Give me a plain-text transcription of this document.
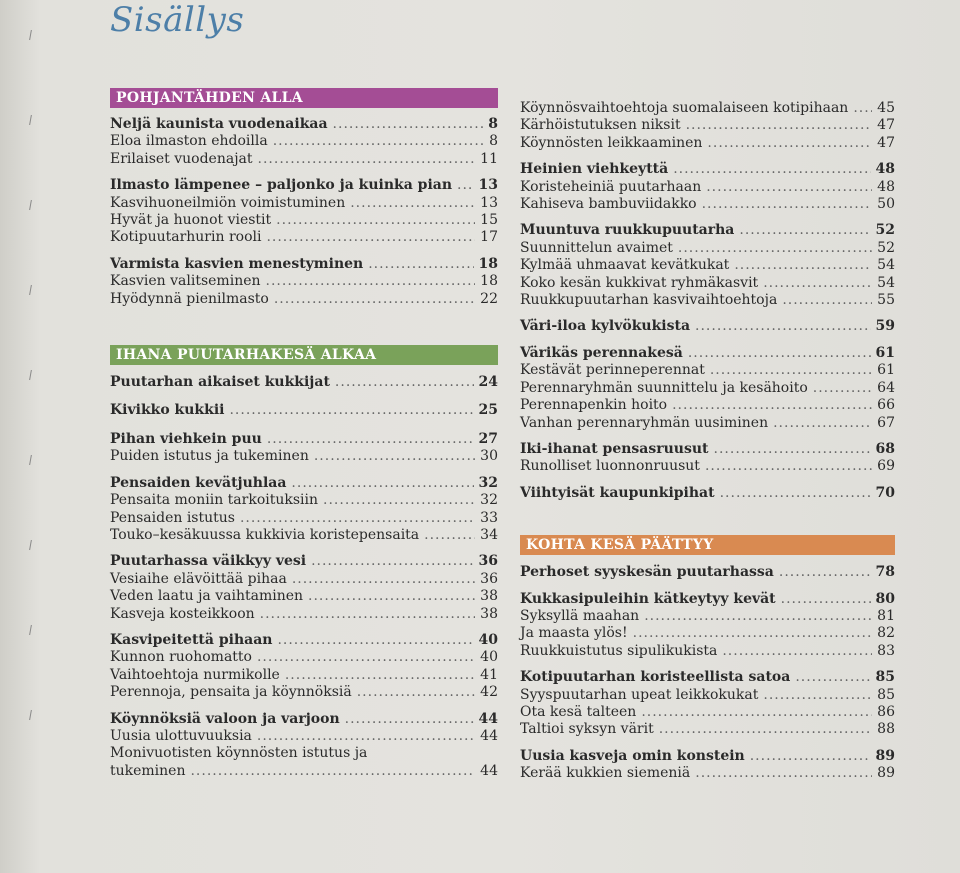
Sisällys
POHJANTÄHDEN ALLA
Neljä kaunista vuodenaikaa .....	8
Eloa ilmaston ehdoilla .....	8
Erilaiset vuodenajat .....	11
Ilmasto lämpenee – paljonko ja kuinka pian ..... 13
Kasvihuoneilmiön voimistuminen .....	13
Hyvät ja huonot viestit .....	15
Kotipuutarhurin rooli .....	17
Varmista kasvien menestyminen .....	18
Kasvien valitseminen .....	18
Hyödynnä pienilmasto .....	22
IHANA PUUTARHAKESÄ ALKAA
Puutarhan aikaiset kukkijat .....	24
Kivikko kukkii .....	25
Pihan viehkein puu .....	27
Puiden istutus ja tukeminen .....	30
Pensaiden kevätjuhlaa .....	32
Pensaita moniin tarkoituksiin .....	32
Pensaiden istutus .....	33
Touko–kesäkuussa kukkivia koristepensaita .....	34
Puutarhassa väikkyy vesi .....	36
Vesiaihe elävöittää pihaa .....	36
Veden laatu ja vaihtaminen .....	38
Kasveja kosteikkoon .....	38
Kasvipeitettä pihaan .....	40
Kunnon ruohomatto .....	40
Vaihtoehtoja nurmikolle .....	41
Perennoja, pensaita ja köynnöksiä .....	42
Köynnöksiä valoon ja varjoon .....	44
Uusia ulottuvuuksia .....	44
Monivuotisten köynnösten istutus ja
tukeminen .....	44
Köynnösvaihtoehtoja suomalaiseen kotipihaan ..... 45
Kärhöistutuksen niksit .....	47
Köynnösten leikkaaminen .....	47
Heinien viehkeyttä .....	48
Koristeheiniä puutarhaan .....	48
Kahiseva bambuviidakko .....	50
Muuntuva ruukkupuutarha .....	52
Suunnittelun avaimet .....	52
Kylmää uhmaavat kevätkukat .....	54
Koko kesän kukkivat ryhmäkasvit .....	54
Ruukkupuutarhan kasvivaihtoehtoja .....	55
Väri-iloa kylvökukista .....	59
Värikäs perennakesä .....	61
Kestävät perinneperennat .....	61
Perennaryhmän suunnittelu ja kesähoito .....	64
Perennapenkin hoito .....	66
Vanhan perennaryhmän uusiminen .....	67
Iki-ihanat pensasruusut .....	68
Runolliset luonnonruusut .....	69
Viihtyisät kaupunkipihat .....	70
KOHTA KESÄ PÄÄTTYY
Perhoset syyskesän puutarhassa .....	78
Kukkasipuleihin kätkeytyy kevät .....	80
Syksyllä maahan .....	81
Ja maasta ylös! .....	82
Ruukkuistutus sipulikukista .....	83
Kotipuutarhan koristeellista satoa .....	85
Syyspuutarhan upeat leikkokukat .....	85
Ota kesä talteen .....	86
Taltioi syksyn värit .....	88
Uusia kasveja omin konstein .....	89
Kerää kukkien siemeniä .....	89
